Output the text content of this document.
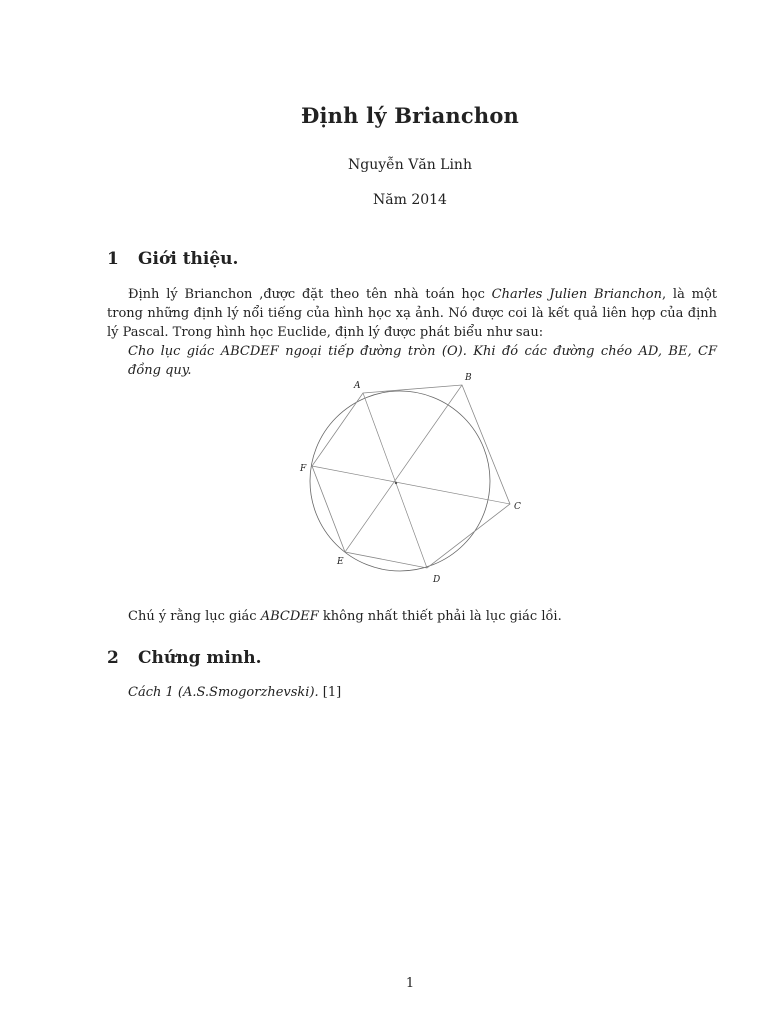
Định lý Brianchon
Nguyễn Văn Linh
Năm 2014
1 Giới thiệu.
Định lý Brianchon ,được đặt theo tên nhà toán học Charles Julien Brianchon, là một trong những định lý nổi tiếng của hình học xạ ảnh. Nó được coi là kết quả liên hợp của định lý Pascal. Trong hình học Euclide, định lý được phát biểu như sau:
Cho lục giác ABCDEF ngoại tiếp đường tròn (O). Khi đó các đường chéo AD, BE, CF đồng quy.
A
B
C
D
E
F
Chú ý rằng lục giác ABCDEF không nhất thiết phải là lục giác lồi.
2 Chứng minh.
Cách 1 (A.S.Smogorzhevski). [1]
1
